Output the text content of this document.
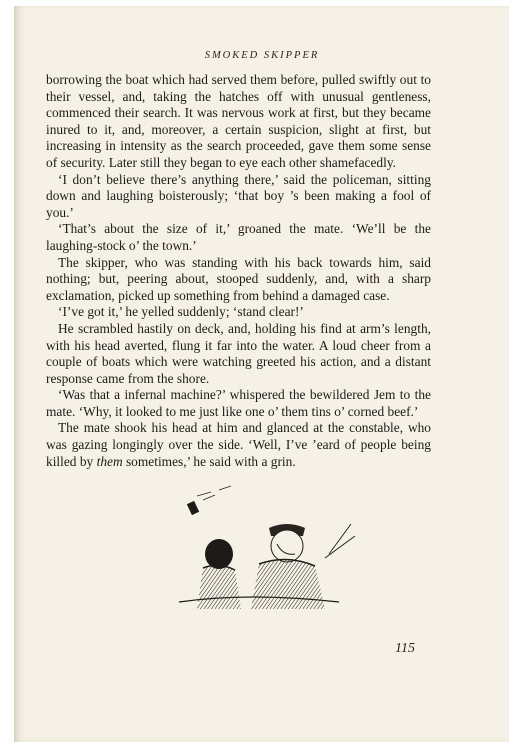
SMOKED SKIPPER

borrowing the boat which had served them before, pulled swiftly out to their vessel, and, taking the hatches off with unusual gentleness, commenced their search. It was nervous work at first, but they became inured to it, and, moreover, a certain suspicion, slight at first, but increasing in intensity as the search proceeded, gave them some sense of security. Later still they began to eye each other shamefacedly.

‘I don’t believe there’s anything there,’ said the policeman, sitting down and laughing boisterously; ‘that boy ’s been making a fool of you.’

‘That’s about the size of it,’ groaned the mate. ‘We’ll be the laughing-stock o’ the town.’

The skipper, who was standing with his back towards him, said nothing; but, peering about, stooped suddenly, and, with a sharp exclamation, picked up something from behind a damaged case.

‘I’ve got it,’ he yelled suddenly; ‘stand clear!’

He scrambled hastily on deck, and, holding his find at arm’s length, with his head averted, flung it far into the water. A loud cheer from a couple of boats which were watching greeted his action, and a distant response came from the shore.

‘Was that a infernal machine?’ whispered the bewildered Jem to the mate. ‘Why, it looked to me just like one o’ them tins o’ corned beef.’

The mate shook his head at him and glanced at the constable, who was gazing longingly over the side. ‘Well, I’ve ’eard of people being killed by them sometimes,’ he said with a grin.

115
